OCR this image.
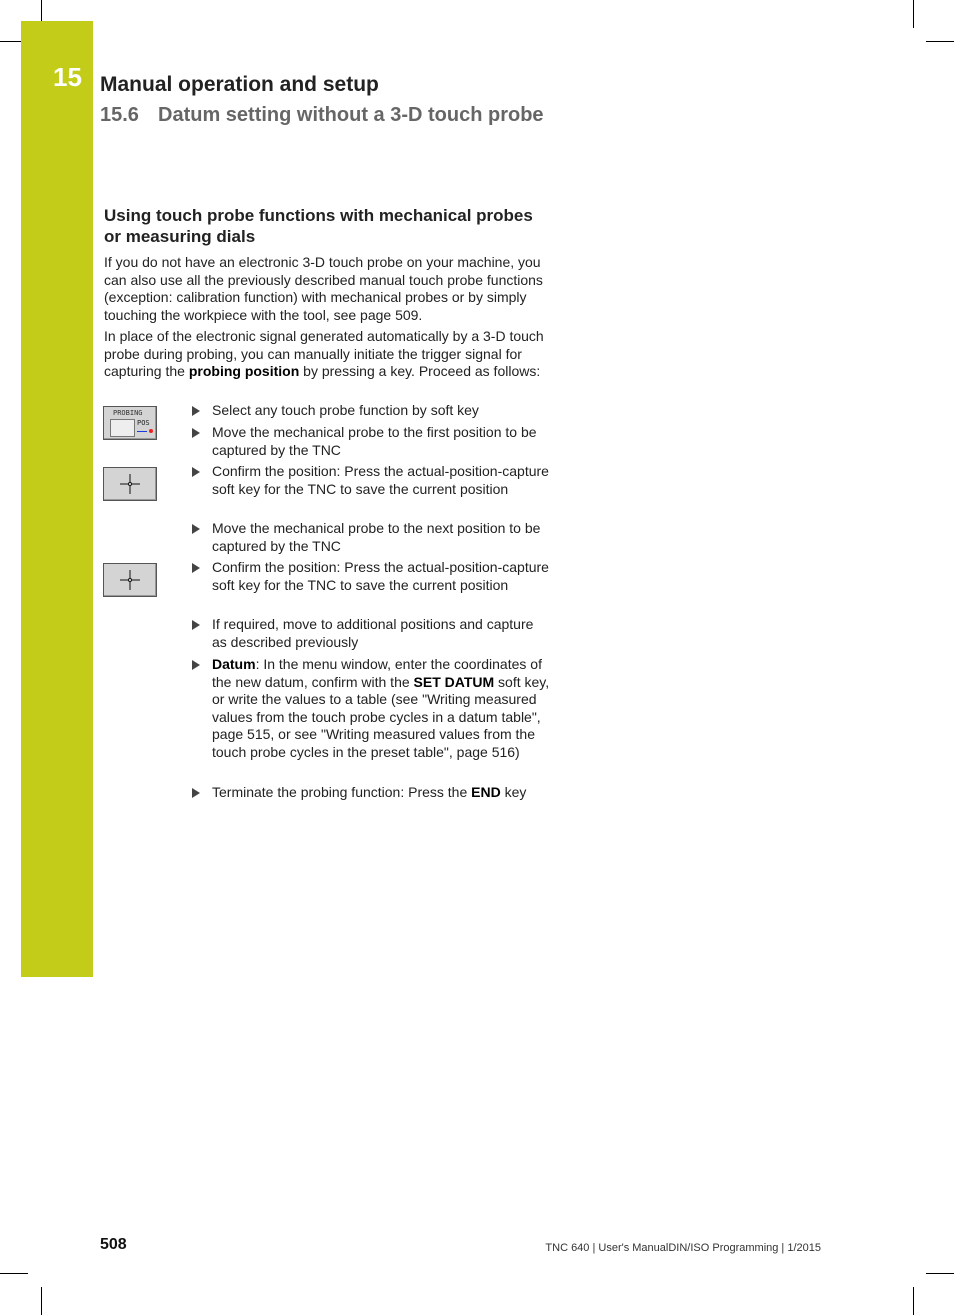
15 Manual operation and setup
15.6 Datum setting without a 3-D touch probe
Using touch probe functions with mechanical probes or measuring dials
If you do not have an electronic 3-D touch probe on your machine, you can also use all the previously described manual touch probe functions (exception: calibration function) with mechanical probes or by simply touching the workpiece with the tool, see page 509.
In place of the electronic signal generated automatically by a 3-D touch probe during probing, you can manually initiate the trigger signal for capturing the probing position by pressing a key. Proceed as follows:
PROBING
POS
Select any touch probe function by soft key
Move the mechanical probe to the first position to be captured by the TNC
Confirm the position: Press the actual-position-capture soft key for the TNC to save the current position
Move the mechanical probe to the next position to be captured by the TNC
Confirm the position: Press the actual-position-capture soft key for the TNC to save the current position
If required, move to additional positions and capture as described previously
Datum: In the menu window, enter the coordinates of the new datum, confirm with the SET DATUM soft key, or write the values to a table (see "Writing measured values from the touch probe cycles in a datum table", page 515, or see "Writing measured values from the touch probe cycles in the preset table", page 516)
Terminate the probing function: Press the END key
508	TNC 640 | User's ManualDIN/ISO Programming | 1/2015
